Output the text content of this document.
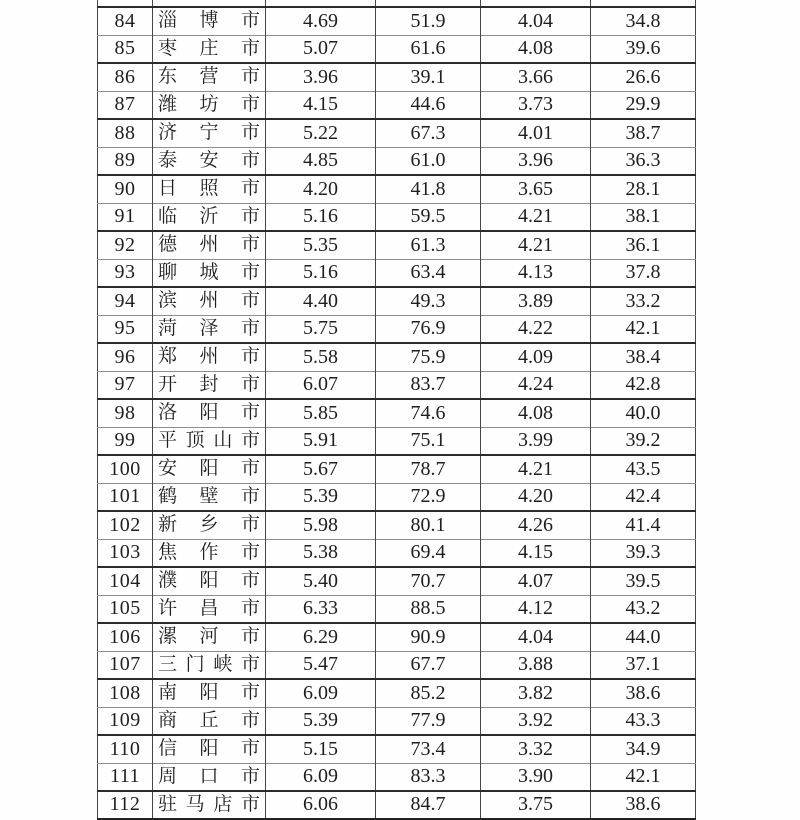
84	淄博市	4.69	51.9	4.04	34.8
85	枣庄市	5.07	61.6	4.08	39.6
86	东营市	3.96	39.1	3.66	26.6
87	潍坊市	4.15	44.6	3.73	29.9
88	济宁市	5.22	67.3	4.01	38.7
89	泰安市	4.85	61.0	3.96	36.3
90	日照市	4.20	41.8	3.65	28.1
91	临沂市	5.16	59.5	4.21	38.1
92	德州市	5.35	61.3	4.21	36.1
93	聊城市	5.16	63.4	4.13	37.8
94	滨州市	4.40	49.3	3.89	33.2
95	菏泽市	5.75	76.9	4.22	42.1
96	郑州市	5.58	75.9	4.09	38.4
97	开封市	6.07	83.7	4.24	42.8
98	洛阳市	5.85	74.6	4.08	40.0
99	平顶山市	5.91	75.1	3.99	39.2
100	安阳市	5.67	78.7	4.21	43.5
101	鹤壁市	5.39	72.9	4.20	42.4
102	新乡市	5.98	80.1	4.26	41.4
103	焦作市	5.38	69.4	4.15	39.3
104	濮阳市	5.40	70.7	4.07	39.5
105	许昌市	6.33	88.5	4.12	43.2
106	漯河市	6.29	90.9	4.04	44.0
107	三门峡市	5.47	67.7	3.88	37.1
108	南阳市	6.09	85.2	3.82	38.6
109	商丘市	5.39	77.9	3.92	43.3
110	信阳市	5.15	73.4	3.32	34.9
111	周口市	6.09	83.3	3.90	42.1
112	驻马店市	6.06	84.7	3.75	38.6
